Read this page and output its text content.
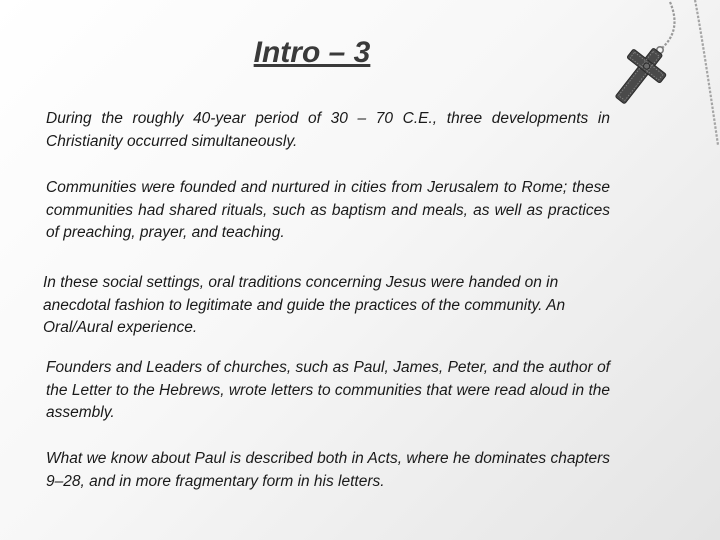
Intro – 3

During the roughly 40-year period of 30 – 70 C.E., three developments in Christianity occurred simultaneously.

Communities were founded and nurtured in cities from Jerusalem to Rome; these communities had shared rituals, such as baptism and meals, as well as practices of preaching, prayer, and teaching.

In these social settings, oral traditions concerning Jesus were handed on in anecdotal fashion to legitimate and guide the practices of the community. An Oral/Aural experience.

Founders and Leaders of churches, such as Paul, James, Peter, and the author of the Letter to the Hebrews, wrote letters to communities that were read aloud in the assembly.

What we know about Paul is described both in Acts, where he dominates chapters 9–28, and in more fragmentary form in his letters.
